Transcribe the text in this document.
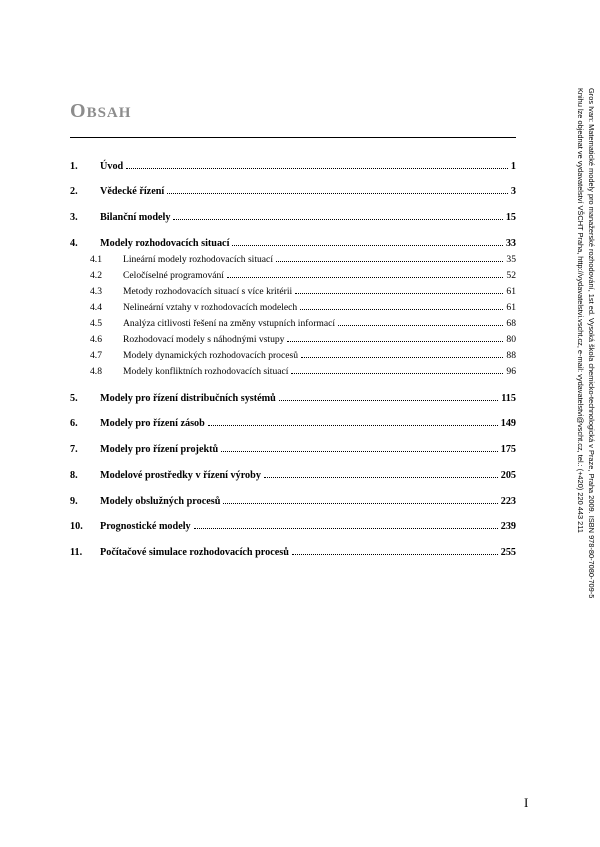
OBSAH
1.	Úvod	1
2.	Vědecké řízení	3
3.	Bilanční modely	15
4.	Modely rozhodovacích situací	33
4.1	Lineární modely rozhodovacích situací	35
4.2	Celočíselné programování	52
4.3	Metody rozhodovacích situací s více kritérii	61
4.4	Nelineární vztahy v rozhodovacích modelech	61
4.5	Analýza citlivosti řešení na změny vstupních informací	68
4.6	Rozhodovací modely s náhodnými vstupy	80
4.7	Modely dynamických rozhodovacích procesů	88
4.8	Modely konfliktních rozhodovacích situací	96
5.	Modely pro řízení distribučních systémů	115
6.	Modely pro řízení zásob	149
7.	Modely pro řízení projektů	175
8.	Modelové prostředky v řízení výroby	205
9.	Modely obslužných procesů	223
10.	Prognostické modely	239
11.	Počítačové simulace rozhodovacích procesů	255
I
Gros Ivan: Matematické modely pro manažerské rozhodování, 1st ed. Vysoká škola chemicko-technologická v Praze, Praha 2009. ISBN 978-80-7080-709-5
Knihu lze objednat ve vydavatelství VŠCHT Praha, http://vydavatelstvi.vscht.cz, e-mail: vydavatelstvi@vscht.cz, tel.: (+420) 220 443 211
